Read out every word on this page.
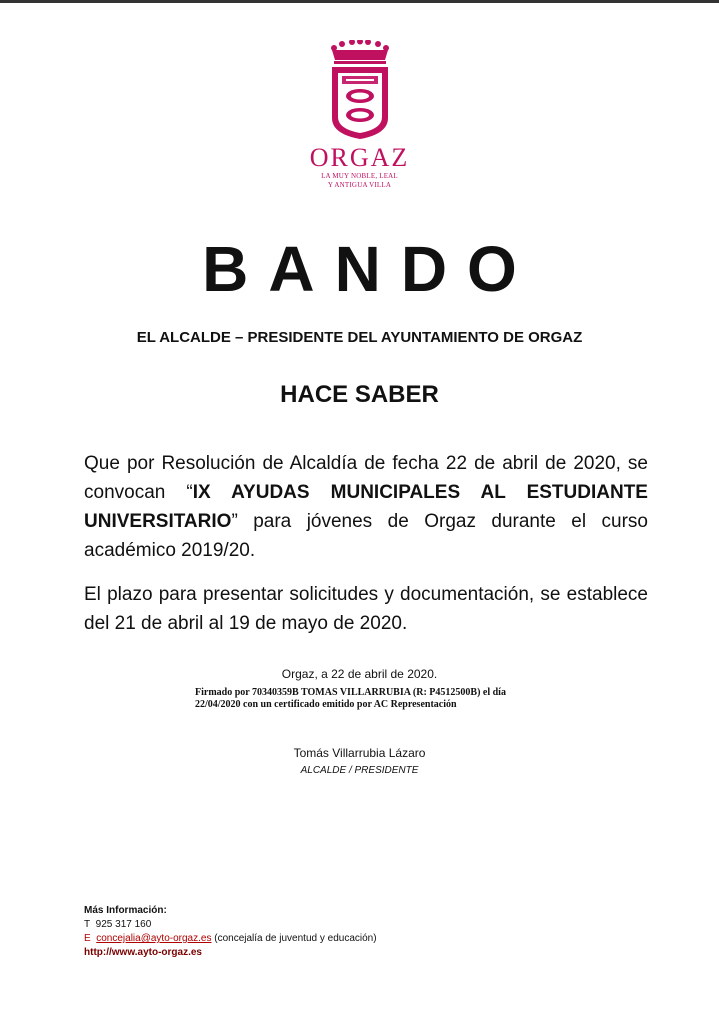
ORGAZ
LA MUY NOBLE, LEAL
Y ANTIGUA VILLA
BANDO
EL ALCALDE – PRESIDENTE DEL AYUNTAMIENTO DE ORGAZ
HACE SABER
Que por Resolución de Alcaldía de fecha 22 de abril de 2020, se convocan “IX AYUDAS MUNICIPALES AL ESTUDIANTE UNIVERSITARIO” para jóvenes de Orgaz durante el curso académico 2019/20.
El plazo para presentar solicitudes y documentación, se establece del 21 de abril al 19 de mayo de 2020.
Orgaz, a 22 de abril de 2020.
Firmado por 70340359B TOMAS VILLARRUBIA (R: P4512500B) el día
22/04/2020 con un certificado emitido por AC Representación
Tomás Villarrubia Lázaro
ALCALDE / PRESIDENTE
Más Información:
T 925 317 160
E concejalia@ayto-orgaz.es (concejalía de juventud y educación)
http://www.ayto-orgaz.es
